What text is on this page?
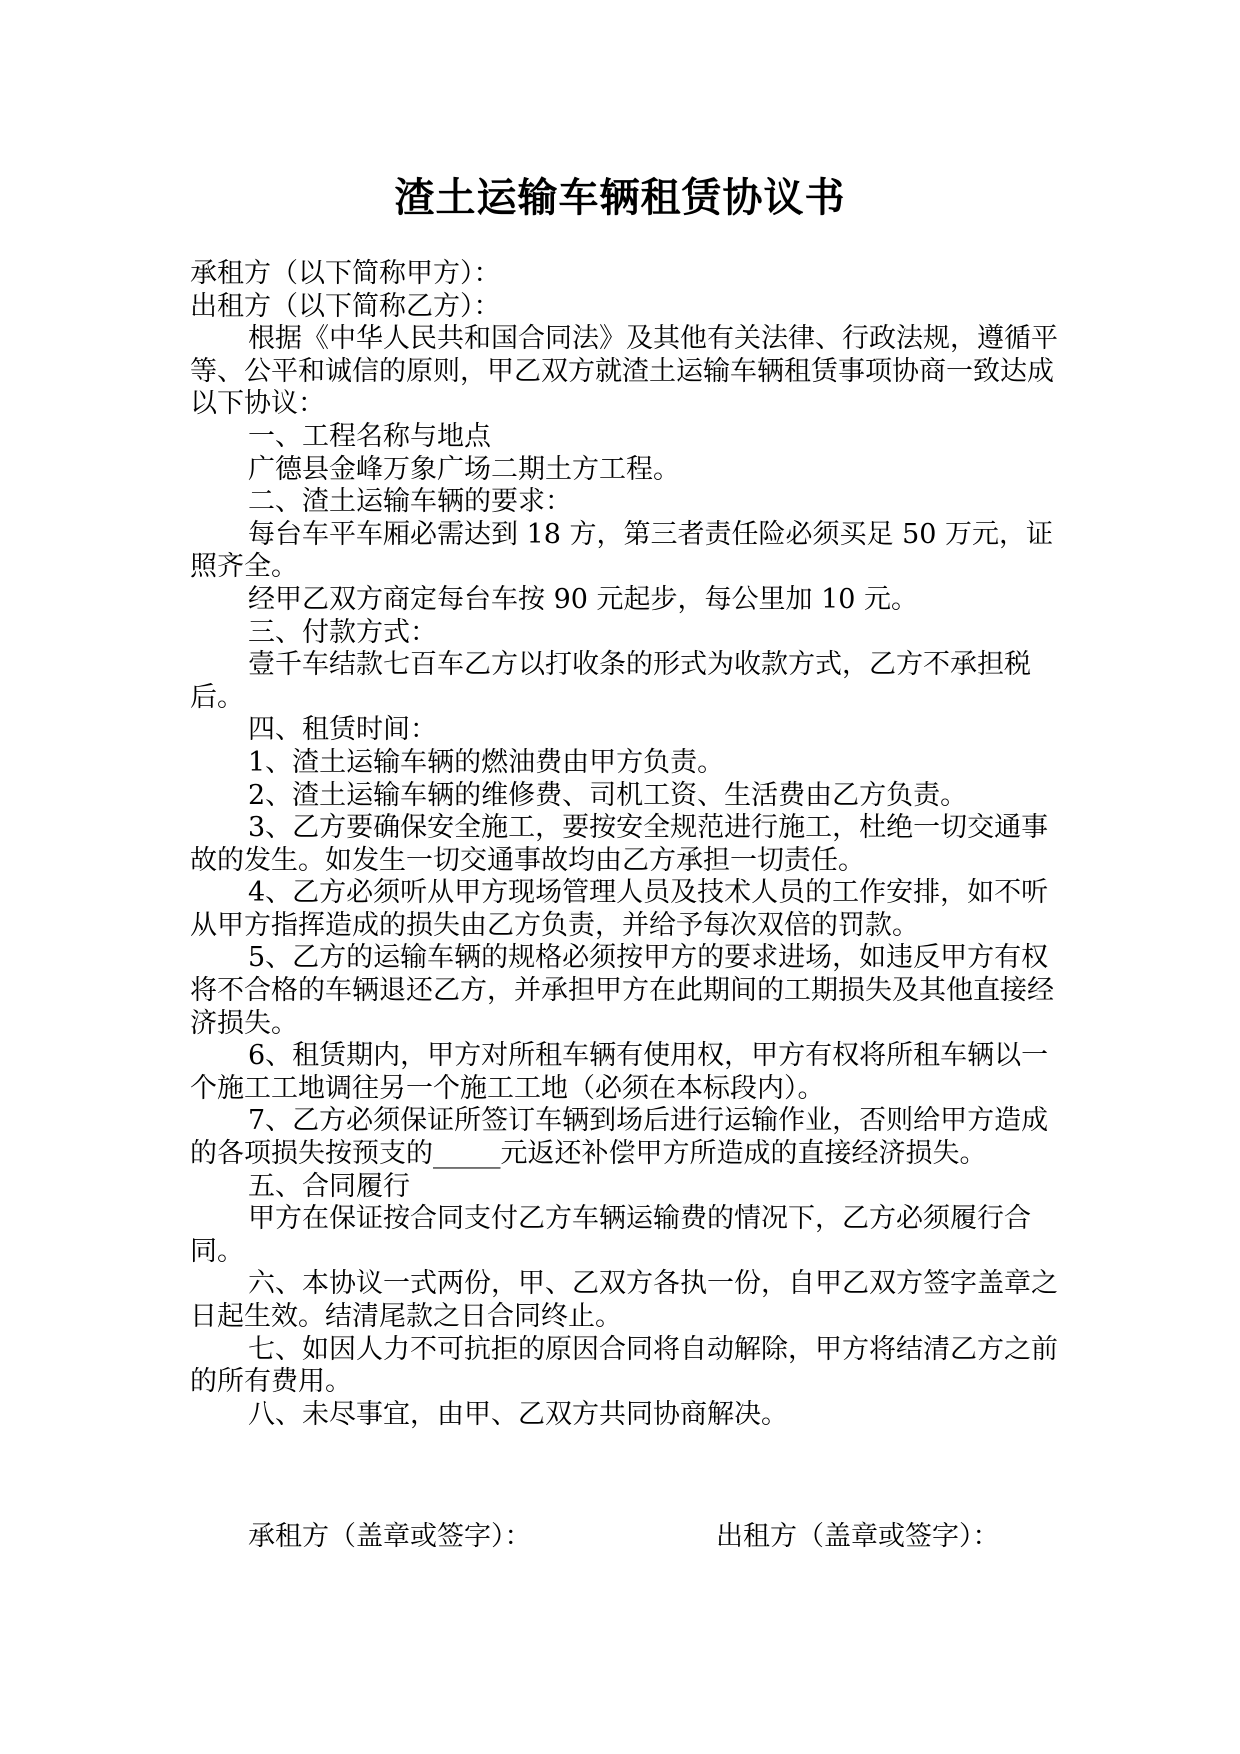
渣土运输车辆租赁协议书

承租方（以下简称甲方）：

出租方（以下简称乙方）：

根据《中华人民共和国合同法》及其他有关法律、行政法规，遵循平等、公平和诚信的原则，甲乙双方就渣土运输车辆租赁事项协商一致达成以下协议：

一、工程名称与地点

广德县金峰万象广场二期土方工程。

二、渣土运输车辆的要求：

每台车平车厢必需达到 18 方，第三者责任险必须买足 50 万元，证照齐全。

经甲乙双方商定每台车按 90 元起步，每公里加 10 元。

三、付款方式：

壹千车结款七百车乙方以打收条的形式为收款方式，乙方不承担税后。

四、租赁时间：

1、渣土运输车辆的燃油费由甲方负责。

2、渣土运输车辆的维修费、司机工资、生活费由乙方负责。

3、乙方要确保安全施工，要按安全规范进行施工，杜绝一切交通事故的发生。如发生一切交通事故均由乙方承担一切责任。

4、乙方必须听从甲方现场管理人员及技术人员的工作安排，如不听从甲方指挥造成的损失由乙方负责，并给予每次双倍的罚款。

5、乙方的运输车辆的规格必须按甲方的要求进场，如违反甲方有权将不合格的车辆退还乙方，并承担甲方在此期间的工期损失及其他直接经济损失。

6、租赁期内，甲方对所租车辆有使用权，甲方有权将所租车辆以一个施工工地调往另一个施工工地（必须在本标段内）。

7、乙方必须保证所签订车辆到场后进行运输作业，否则给甲方造成的各项损失按预支的_____元返还补偿甲方所造成的直接经济损失。

五、合同履行

甲方在保证按合同支付乙方车辆运输费的情况下，乙方必须履行合同。

六、本协议一式两份，甲、乙双方各执一份，自甲乙双方签字盖章之日起生效。结清尾款之日合同终止。

七、如因人力不可抗拒的原因合同将自动解除，甲方将结清乙方之前的所有费用。

八、未尽事宜，由甲、乙双方共同协商解决。

承租方（盖章或签字）：	出租方（盖章或签字）：
